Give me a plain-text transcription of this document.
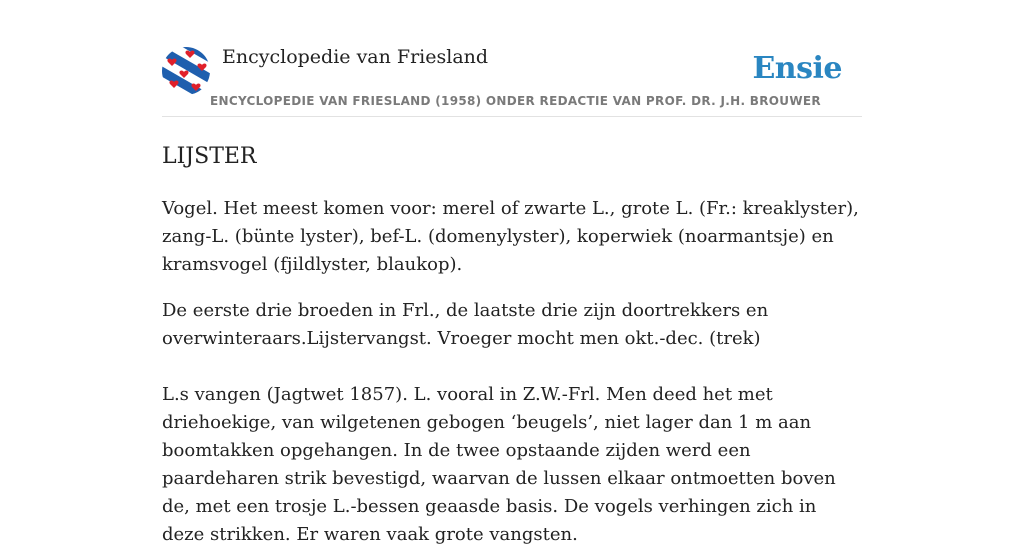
Encyclopedie van Friesland	Ensie
ENCYCLOPEDIE VAN FRIESLAND (1958) ONDER REDACTIE VAN PROF. DR. J.H. BROUWER
LIJSTER

Vogel. Het meest komen voor: merel of zwarte L., grote L. (Fr.: kreaklyster), zang-L. (bünte lyster), bef-L. (domenylyster), koperwiek (noarmantsje) en kramsvogel (fjildlyster, blaukop).

De eerste drie broeden in Frl., de laatste drie zijn doortrekkers en overwinteraars.Lijstervangst. Vroeger mocht men okt.-dec. (trek)

L.s vangen (Jagtwet 1857). L. vooral in Z.W.-Frl. Men deed het met driehoekige, van wilgetenen gebogen ‘beugels’, niet lager dan 1 m aan boomtakken opgehangen. In de twee opstaande zijden werd een paardeharen strik bevestigd, waarvan de lussen elkaar ontmoetten boven de, met een trosje L.-bessen geaasde basis. De vogels verhingen zich in deze strikken. Er waren vaak grote vangsten.
